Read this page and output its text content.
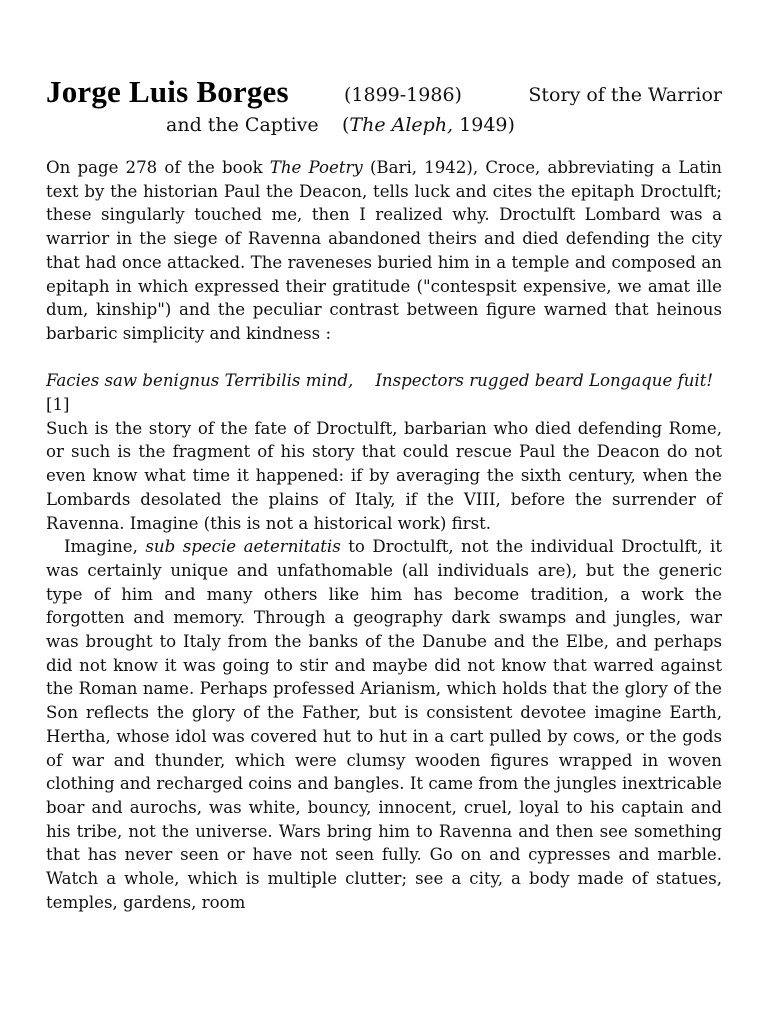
Jorge Luis Borges	(1899-1986)	Story of the Warrior
and the Captive (The Aleph, 1949)

On page 278 of the book The Poetry (Bari, 1942), Croce, abbreviating a Latin text by the historian Paul the Deacon, tells luck and cites the epitaph Droctulft; these singularly touched me, then I realized why. Droctulft Lombard was a warrior in the siege of Ravenna abandoned theirs and died defending the city that had once attacked. The raveneses buried him in a temple and composed an epitaph in which expressed their gratitude ("contespsit expensive, we amat ille dum, kinship") and the peculiar contrast between figure warned that heinous barbaric simplicity and kindness :

Facies saw benignus Terribilis mind, Inspectors rugged beard Longaque fuit! [1]

Such is the story of the fate of Droctulft, barbarian who died defending Rome, or such is the fragment of his story that could rescue Paul the Deacon do not even know what time it happened: if by averaging the sixth century, when the Lombards desolated the plains of Italy, if the VIII, before the surrender of Ravenna. Imagine (this is not a historical work) first.
Imagine, sub specie aeternitatis to Droctulft, not the individual Droctulft, it was certainly unique and unfathomable (all individuals are), but the generic type of him and many others like him has become tradition, a work the forgotten and memory. Through a geography dark swamps and jungles, war was brought to Italy from the banks of the Danube and the Elbe, and perhaps did not know it was going to stir and maybe did not know that warred against the Roman name. Perhaps professed Arianism, which holds that the glory of the Son reflects the glory of the Father, but is consistent devotee imagine Earth, Hertha, whose idol was covered hut to hut in a cart pulled by cows, or the gods of war and thunder, which were clumsy wooden figures wrapped in woven clothing and recharged coins and bangles. It came from the jungles inextricable boar and aurochs, was white, bouncy, innocent, cruel, loyal to his captain and his tribe, not the universe. Wars bring him to Ravenna and then see something that has never seen or have not seen fully. Go on and cypresses and marble. Watch a whole, which is multiple clutter; see a city, a body made of statues, temples, gardens, room
